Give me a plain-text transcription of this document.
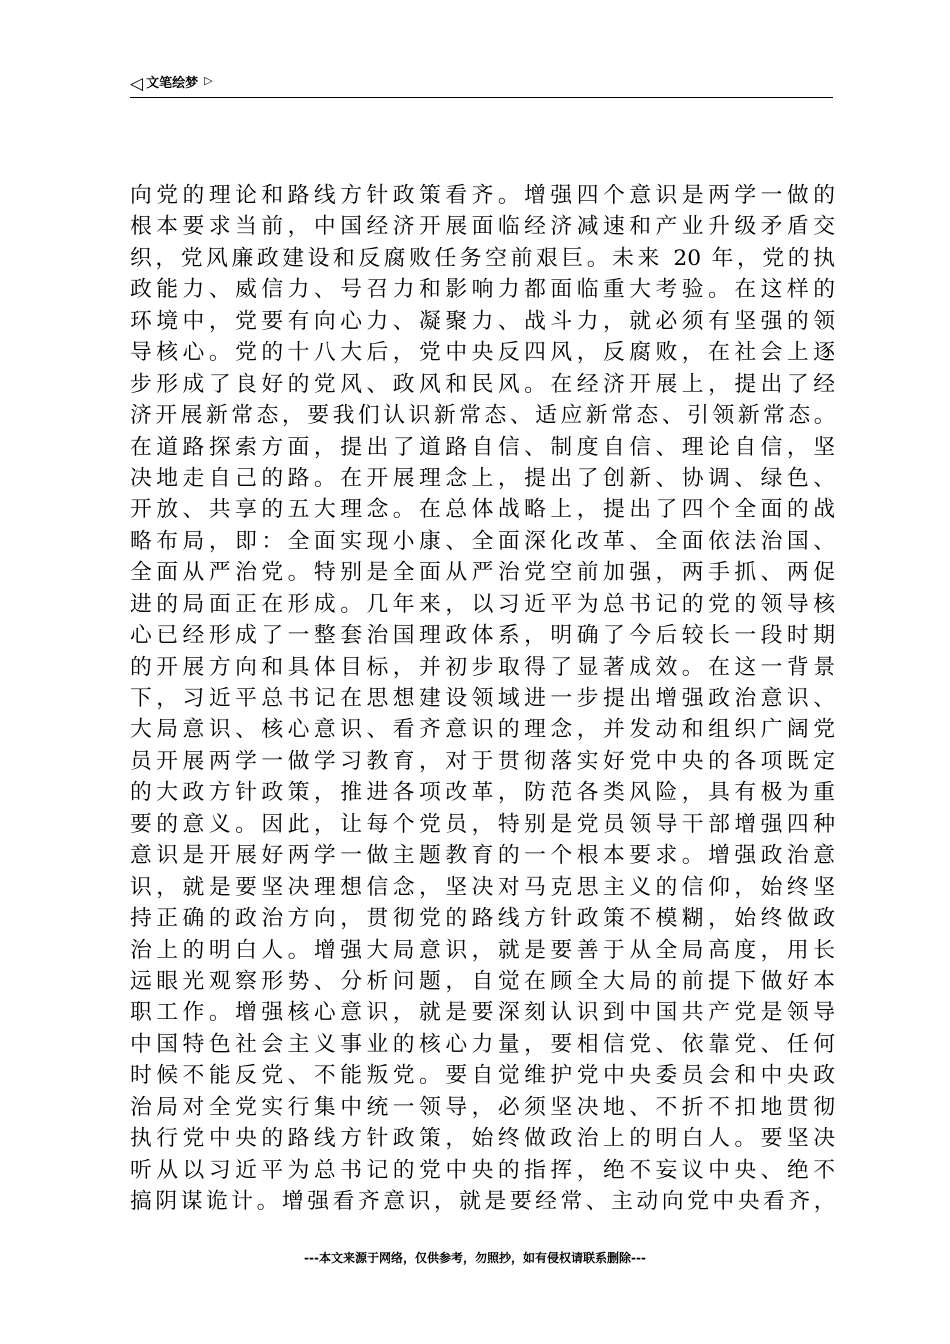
◁ 文笔绘梦 ▷
向党的理论和路线方针政策看齐。增强四个意识是两学一做的
根本要求当前，中国经济开展面临经济减速和产业升级矛盾交
织，党风廉政建设和反腐败任务空前艰巨。未来 20 年，党的执
政能力、威信力、号召力和影响力都面临重大考验。在这样的
环境中，党要有向心力、凝聚力、战斗力，就必须有坚强的领
导核心。党的十八大后，党中央反四风，反腐败，在社会上逐
步形成了良好的党风、政风和民风。在经济开展上，提出了经
济开展新常态，要我们认识新常态、适应新常态、引领新常态。
在道路探索方面，提出了道路自信、制度自信、理论自信，坚
决地走自己的路。在开展理念上，提出了创新、协调、绿色、
开放、共享的五大理念。在总体战略上，提出了四个全面的战
略布局，即：全面实现小康、全面深化改革、全面依法治国、
全面从严治党。特别是全面从严治党空前加强，两手抓、两促
进的局面正在形成。几年来，以习近平为总书记的党的领导核
心已经形成了一整套治国理政体系，明确了今后较长一段时期
的开展方向和具体目标，并初步取得了显著成效。在这一背景
下，习近平总书记在思想建设领域进一步提出增强政治意识、
大局意识、核心意识、看齐意识的理念，并发动和组织广阔党
员开展两学一做学习教育，对于贯彻落实好党中央的各项既定
的大政方针政策，推进各项改革，防范各类风险，具有极为重
要的意义。因此，让每个党员，特别是党员领导干部增强四种
意识是开展好两学一做主题教育的一个根本要求。增强政治意
识，就是要坚决理想信念，坚决对马克思主义的信仰，始终坚
持正确的政治方向，贯彻党的路线方针政策不模糊，始终做政
治上的明白人。增强大局意识，就是要善于从全局高度，用长
远眼光观察形势、分析问题，自觉在顾全大局的前提下做好本
职工作。增强核心意识，就是要深刻认识到中国共产党是领导
中国特色社会主义事业的核心力量，要相信党、依靠党、任何
时候不能反党、不能叛党。要自觉维护党中央委员会和中央政
治局对全党实行集中统一领导，必须坚决地、不折不扣地贯彻
执行党中央的路线方针政策，始终做政治上的明白人。要坚决
听从以习近平为总书记的党中央的指挥，绝不妄议中央、绝不
搞阴谋诡计。增强看齐意识，就是要经常、主动向党中央看齐，
---本文来源于网络，仅供参考，勿照抄，如有侵权请联系删除---
